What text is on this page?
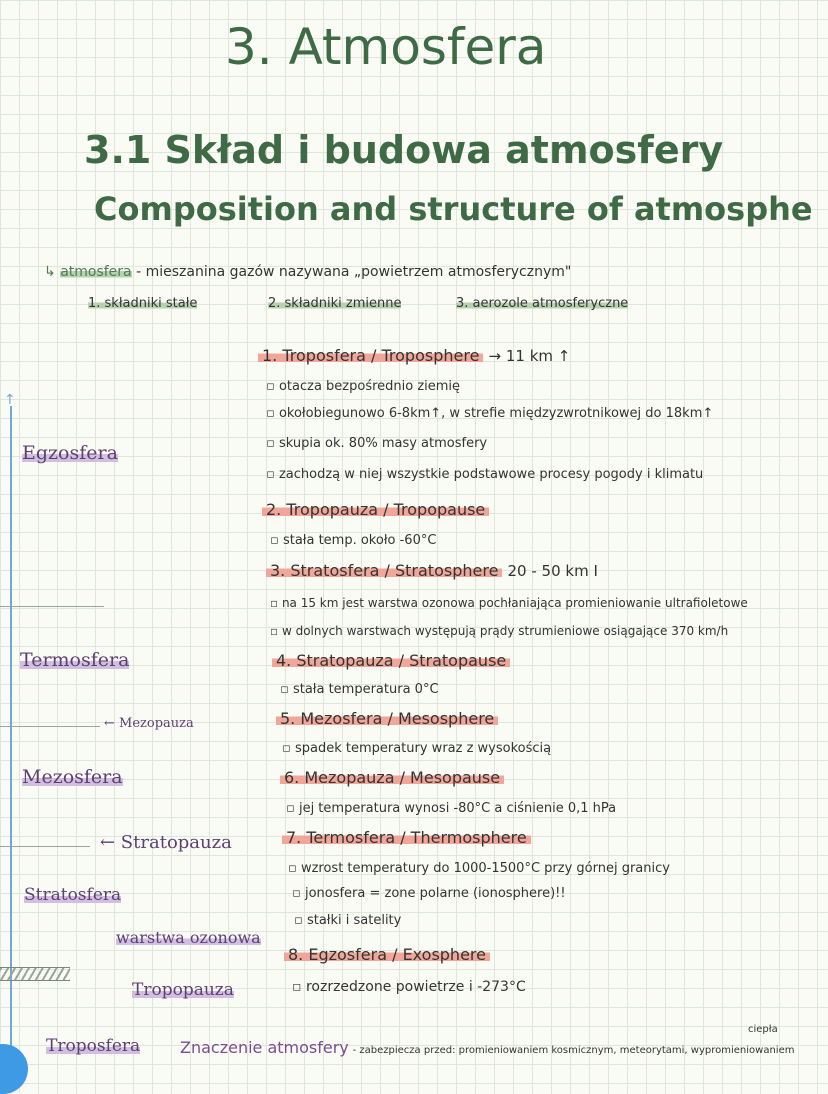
3. Atmosfera
3.1 Skład i budowa atmosfery
Composition and structure of atmosphe
↳ atmosfera - mieszanina gazów nazywana „powietrzem atmosferycznym"
1. składniki stałe	2. składniki zmienne	3. aerozole atmosferyczne
1. Troposfera / Troposphere → 11 km ↑
▫ otacza bezpośrednio ziemię
▫ okołobiegunowo 6-8km↑, w strefie międzyzwrotnikowej do 18km↑
▫ skupia ok. 80% masy atmosfery
▫ zachodzą w niej wszystkie podstawowe procesy pogody i klimatu
2. Tropopauza / Tropopause
▫ stała temp. około -60°C
3. Stratosfera / Stratosphere 20 - 50 km I
▫ na 15 km jest warstwa ozonowa pochłaniająca promieniowanie ultrafioletowe
▫ w dolnych warstwach występują prądy strumieniowe osiągające 370 km/h
4. Stratopauza / Stratopause
▫ stała temperatura 0°C
5. Mezosfera / Mesosphere
▫ spadek temperatury wraz z wysokością
6. Mezopauza / Mesopause
▫ jej temperatura wynosi -80°C a ciśnienie 0,1 hPa
7. Termosfera / Thermosphere
▫ wzrost temperatury do 1000-1500°C przy górnej granicy
▫ jonosfera = zone polarne (ionosphere)!!
▫ stałki i satelity
8. Egzosfera / Exosphere
▫ rozrzedzone powietrze i -273°C
↑
Egzosfera
Termosfera
Mezosfera
Stratosfera
Troposfera
← Mezopauza
← Stratopauza
Tropopauza
warstwa ozonowa
Znaczenie atmosfery - zabezpiecza przed: promieniowaniem kosmicznym, meteorytami, wypromieniowaniem
ciepła
